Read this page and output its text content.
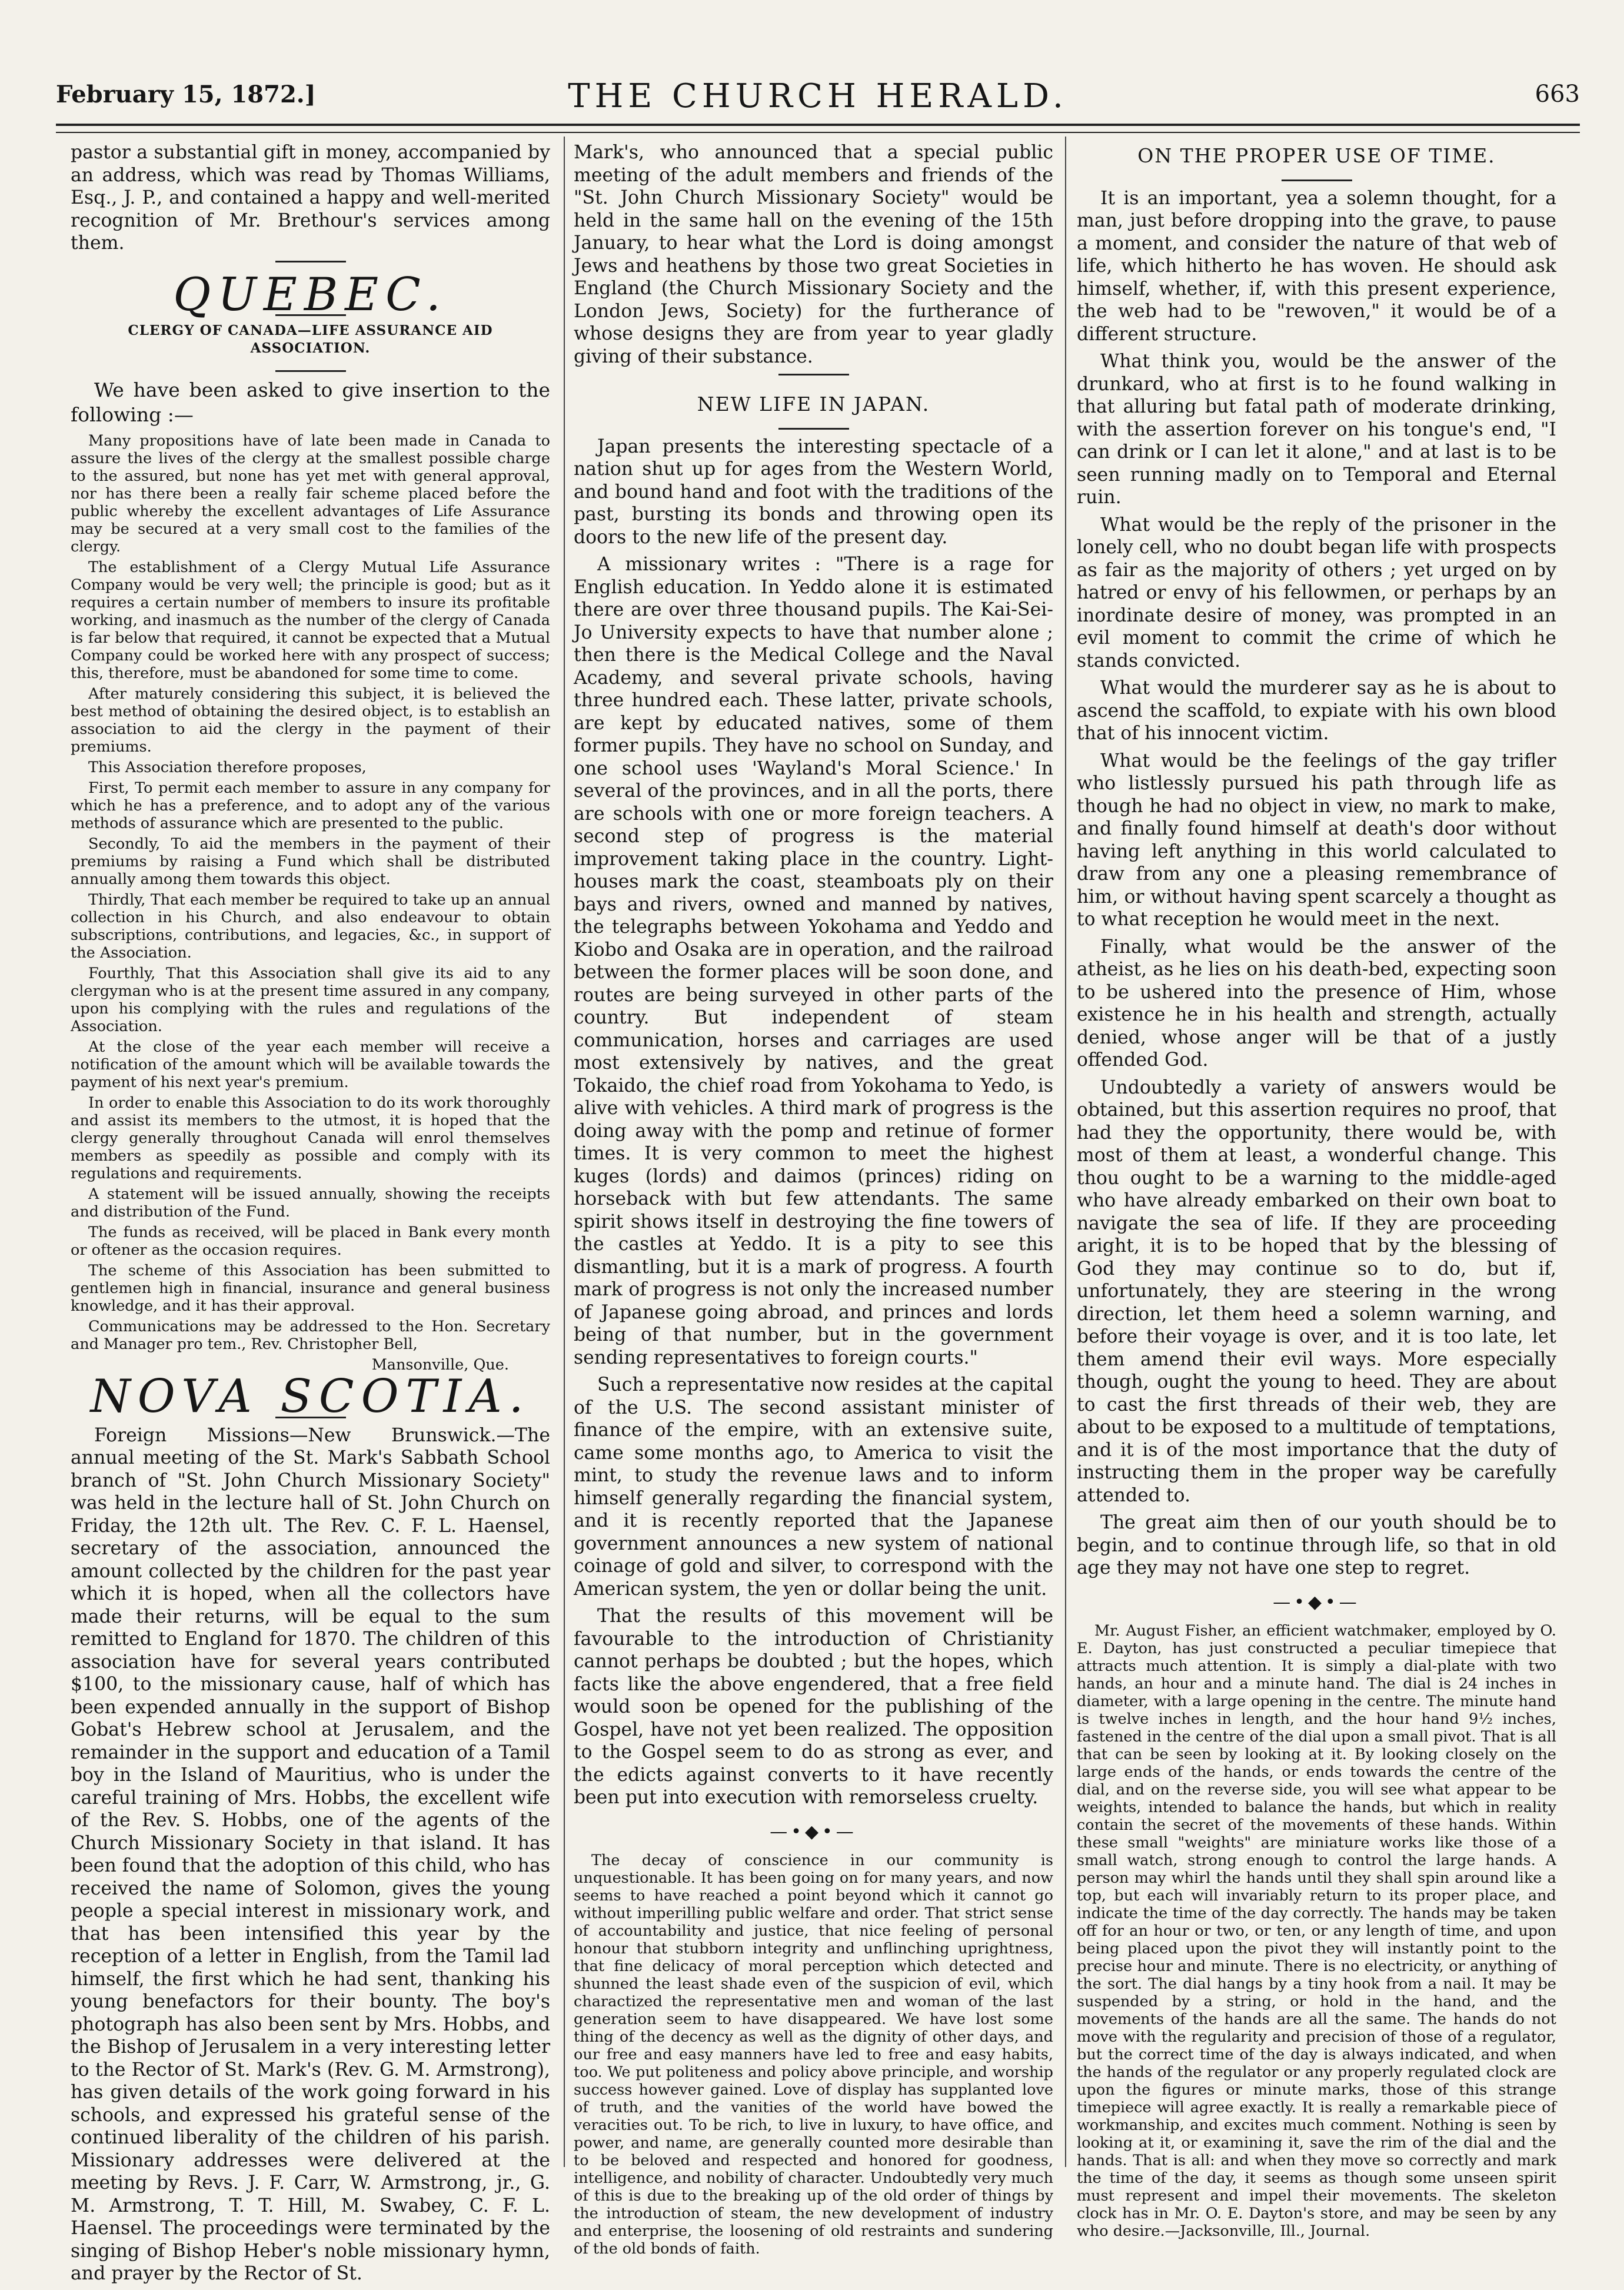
February 15, 1872.]	THE CHURCH HERALD.	663

pastor a substantial gift in money, accompanied by an address, which was read by Thomas Williams, Esq., J. P., and contained a happy and well-merited recognition of Mr. Brethour's services among them.

QUEBEC.
CLERGY OF CANADA—LIFE ASSURANCE AID ASSOCIATION.

We have been asked to give insertion to the following :—

Many propositions have of late been made in Canada to assure the lives of the clergy at the smallest possible charge to the assured, but none has yet met with general approval, nor has there been a really fair scheme placed before the public whereby the excellent advantages of Life Assurance may be secured at a very small cost to the families of the clergy.

The establishment of a Clergy Mutual Life Assurance Company would be very well; the principle is good; but as it requires a certain number of members to insure its profitable working, and inasmuch as the number of the clergy of Canada is far below that required, it cannot be expected that a Mutual Company could be worked here with any prospect of success; this, therefore, must be abandoned for some time to come.

After maturely considering this subject, it is believed the best method of obtaining the desired object, is to establish an association to aid the clergy in the payment of their premiums.

This Association therefore proposes,

First, To permit each member to assure in any company for which he has a preference, and to adopt any of the various methods of assurance which are presented to the public.

Secondly, To aid the members in the payment of their premiums by raising a Fund which shall be distributed annually among them towards this object.

Thirdly, That each member be required to take up an annual collection in his Church, and also endeavour to obtain subscriptions, contributions, and legacies, &c., in support of the Association.

Fourthly, That this Association shall give its aid to any clergyman who is at the present time assured in any company, upon his complying with the rules and regulations of the Association.

At the close of the year each member will receive a notification of the amount which will be available towards the payment of his next year's premium.

In order to enable this Association to do its work thoroughly and assist its members to the utmost, it is hoped that the clergy generally throughout Canada will enrol themselves members as speedily as possible and comply with its regulations and requirements.

A statement will be issued annually, showing the receipts and distribution of the Fund.

The funds as received, will be placed in Bank every month or oftener as the occasion requires.

The scheme of this Association has been submitted to gentlemen high in financial, insurance and general business knowledge, and it has their approval.

Communications may be addressed to the Hon. Secretary and Manager pro tem., Rev. Christopher Bell,

Mansonville, Que.
NOVA SCOTIA.

Foreign Missions—New Brunswick.—The annual meeting of the St. Mark's Sabbath School branch of "St. John Church Missionary Society" was held in the lecture hall of St. John Church on Friday, the 12th ult. The Rev. C. F. L. Haensel, secretary of the association, announced the amount collected by the children for the past year which it is hoped, when all the collectors have made their returns, will be equal to the sum remitted to England for 1870. The children of this association have for several years contributed $100, to the missionary cause, half of which has been expended annually in the support of Bishop Gobat's Hebrew school at Jerusalem, and the remainder in the support and education of a Tamil boy in the Island of Mauritius, who is under the careful training of Mrs. Hobbs, the excellent wife of the Rev. S. Hobbs, one of the agents of the Church Missionary Society in that island. It has been found that the adoption of this child, who has received the name of Solomon, gives the young people a special interest in missionary work, and that has been intensified this year by the reception of a letter in English, from the Tamil lad himself, the first which he had sent, thanking his young benefactors for their bounty. The boy's photograph has also been sent by Mrs. Hobbs, and the Bishop of Jerusalem in a very interesting letter to the Rector of St. Mark's (Rev. G. M. Armstrong), has given details of the work going forward in his schools, and expressed his grateful sense of the continued liberality of the children of his parish. Missionary addresses were delivered at the meeting by Revs. J. F. Carr, W. Armstrong, jr., G. M. Armstrong, T. T. Hill, M. Swabey, C. F. L. Haensel. The proceedings were terminated by the singing of Bishop Heber's noble missionary hymn, and prayer by the Rector of St.

Mark's, who announced that a special public meeting of the adult members and friends of the "St. John Church Missionary Society" would be held in the same hall on the evening of the 15th January, to hear what the Lord is doing amongst Jews and heathens by those two great Societies in England (the Church Missionary Society and the London Jews, Society) for the furtherance of whose designs they are from year to year gladly giving of their substance.

NEW LIFE IN JAPAN.

Japan presents the interesting spectacle of a nation shut up for ages from the Western World, and bound hand and foot with the traditions of the past, bursting its bonds and throwing open its doors to the new life of the present day.

A missionary writes : "There is a rage for English education. In Yeddo alone it is estimated there are over three thousand pupils. The Kai-Sei-Jo University expects to have that number alone ; then there is the Medical College and the Naval Academy, and several private schools, having three hundred each. These latter, private schools, are kept by educated natives, some of them former pupils. They have no school on Sunday, and one school uses 'Wayland's Moral Science.' In several of the provinces, and in all the ports, there are schools with one or more foreign teachers. A second step of progress is the material improvement taking place in the country. Light-houses mark the coast, steamboats ply on their bays and rivers, owned and manned by natives, the telegraphs between Yokohama and Yeddo and Kiobo and Osaka are in operation, and the railroad between the former places will be soon done, and routes are being surveyed in other parts of the country. But independent of steam communication, horses and carriages are used most extensively by natives, and the great Tokaido, the chief road from Yokohama to Yedo, is alive with vehicles. A third mark of progress is the doing away with the pomp and retinue of former times. It is very common to meet the highest kuges (lords) and daimos (princes) riding on horseback with but few attendants. The same spirit shows itself in destroying the fine towers of the castles at Yeddo. It is a pity to see this dismantling, but it is a mark of progress. A fourth mark of progress is not only the increased number of Japanese going abroad, and princes and lords being of that number, but in the government sending representatives to foreign courts."

Such a representative now resides at the capital of the U.S. The second assistant minister of finance of the empire, with an extensive suite, came some months ago, to America to visit the mint, to study the revenue laws and to inform himself generally regarding the financial system, and it is recently reported that the Japanese government announces a new system of national coinage of gold and silver, to correspond with the American system, the yen or dollar being the unit.

That the results of this movement will be favourable to the introduction of Christianity cannot perhaps be doubted ; but the hopes, which facts like the above engendered, that a free field would soon be opened for the publishing of the Gospel, have not yet been realized. The opposition to the Gospel seem to do as strong as ever, and the edicts against converts to it have recently been put into execution with remorseless cruelty.

—•◆•—

The decay of conscience in our community is unquestionable. It has been going on for many years, and now seems to have reached a point beyond which it cannot go without imperilling public welfare and order. That strict sense of accountability and justice, that nice feeling of personal honour that stubborn integrity and unflinching uprightness, that fine delicacy of moral perception which detected and shunned the least shade even of the suspicion of evil, which charactized the representative men and woman of the last generation seem to have disappeared. We have lost some thing of the decency as well as the dignity of other days, and our free and easy manners have led to free and easy habits, too. We put politeness and policy above principle, and worship success however gained. Love of display has supplanted love of truth, and the vanities of the world have bowed the veracities out. To be rich, to live in luxury, to have office, and power, and name, are generally counted more desirable than to be beloved and respected and honored for goodness, intelligence, and nobility of character. Undoubtedly very much of this is due to the breaking up of the old order of things by the introduction of steam, the new development of industry and enterprise, the loosening of old restraints and sundering of the old bonds of faith.

ON THE PROPER USE OF TIME.

It is an important, yea a solemn thought, for a man, just before dropping into the grave, to pause a moment, and consider the nature of that web of life, which hitherto he has woven. He should ask himself, whether, if, with this present experience, the web had to be "rewoven," it would be of a different structure.

What think you, would be the answer of the drunkard, who at first is to he found walking in that alluring but fatal path of moderate drinking, with the assertion forever on his tongue's end, "I can drink or I can let it alone," and at last is to be seen running madly on to Temporal and Eternal ruin.

What would be the reply of the prisoner in the lonely cell, who no doubt began life with prospects as fair as the majority of others ; yet urged on by hatred or envy of his fellowmen, or perhaps by an inordinate desire of money, was prompted in an evil moment to commit the crime of which he stands convicted.

What would the murderer say as he is about to ascend the scaffold, to expiate with his own blood that of his innocent victim.

What would be the feelings of the gay trifler who listlessly pursued his path through life as though he had no object in view, no mark to make, and finally found himself at death's door without having left anything in this world calculated to draw from any one a pleasing remembrance of him, or without having spent scarcely a thought as to what reception he would meet in the next.

Finally, what would be the answer of the atheist, as he lies on his death-bed, expecting soon to be ushered into the presence of Him, whose existence he in his health and strength, actually denied, whose anger will be that of a justly offended God.

Undoubtedly a variety of answers would be obtained, but this assertion requires no proof, that had they the opportunity, there would be, with most of them at least, a wonderful change. This thou ought to be a warning to the middle-aged who have already embarked on their own boat to navigate the sea of life. If they are proceeding aright, it is to be hoped that by the blessing of God they may continue so to do, but if, unfortunately, they are steering in the wrong direction, let them heed a solemn warning, and before their voyage is over, and it is too late, let them amend their evil ways. More especially though, ought the young to heed. They are about to cast the first threads of their web, they are about to be exposed to a multitude of temptations, and it is of the most importance that the duty of instructing them in the proper way be carefully attended to.

The great aim then of our youth should be to begin, and to continue through life, so that in old age they may not have one step to regret.

—•◆•—

Mr. August Fisher, an efficient watchmaker, employed by O. E. Dayton, has just constructed a peculiar timepiece that attracts much attention. It is simply a dial-plate with two hands, an hour and a minute hand. The dial is 24 inches in diameter, with a large opening in the centre. The minute hand is twelve inches in length, and the hour hand 9½ inches, fastened in the centre of the dial upon a small pivot. That is all that can be seen by looking at it. By looking closely on the large ends of the hands, or ends towards the centre of the dial, and on the reverse side, you will see what appear to be weights, intended to balance the hands, but which in reality contain the secret of the movements of these hands. Within these small "weights" are miniature works like those of a small watch, strong enough to control the large hands. A person may whirl the hands until they shall spin around like a top, but each will invariably return to its proper place, and indicate the time of the day correctly. The hands may be taken off for an hour or two, or ten, or any length of time, and upon being placed upon the pivot they will instantly point to the precise hour and minute. There is no electricity, or anything of the sort. The dial hangs by a tiny hook from a nail. It may be suspended by a string, or hold in the hand, and the movements of the hands are all the same. The hands do not move with the regularity and precision of those of a regulator, but the correct time of the day is always indicated, and when the hands of the regulator or any properly regulated clock are upon the figures or minute marks, those of this strange timepiece will agree exactly. It is really a remarkable piece of workmanship, and excites much comment. Nothing is seen by looking at it, or examining it, save the rim of the dial and the hands. That is all: and when they move so correctly and mark the time of the day, it seems as though some unseen spirit must represent and impel their movements. The skeleton clock has in Mr. O. E. Dayton's store, and may be seen by any who desire.—Jacksonville, Ill., Journal.
